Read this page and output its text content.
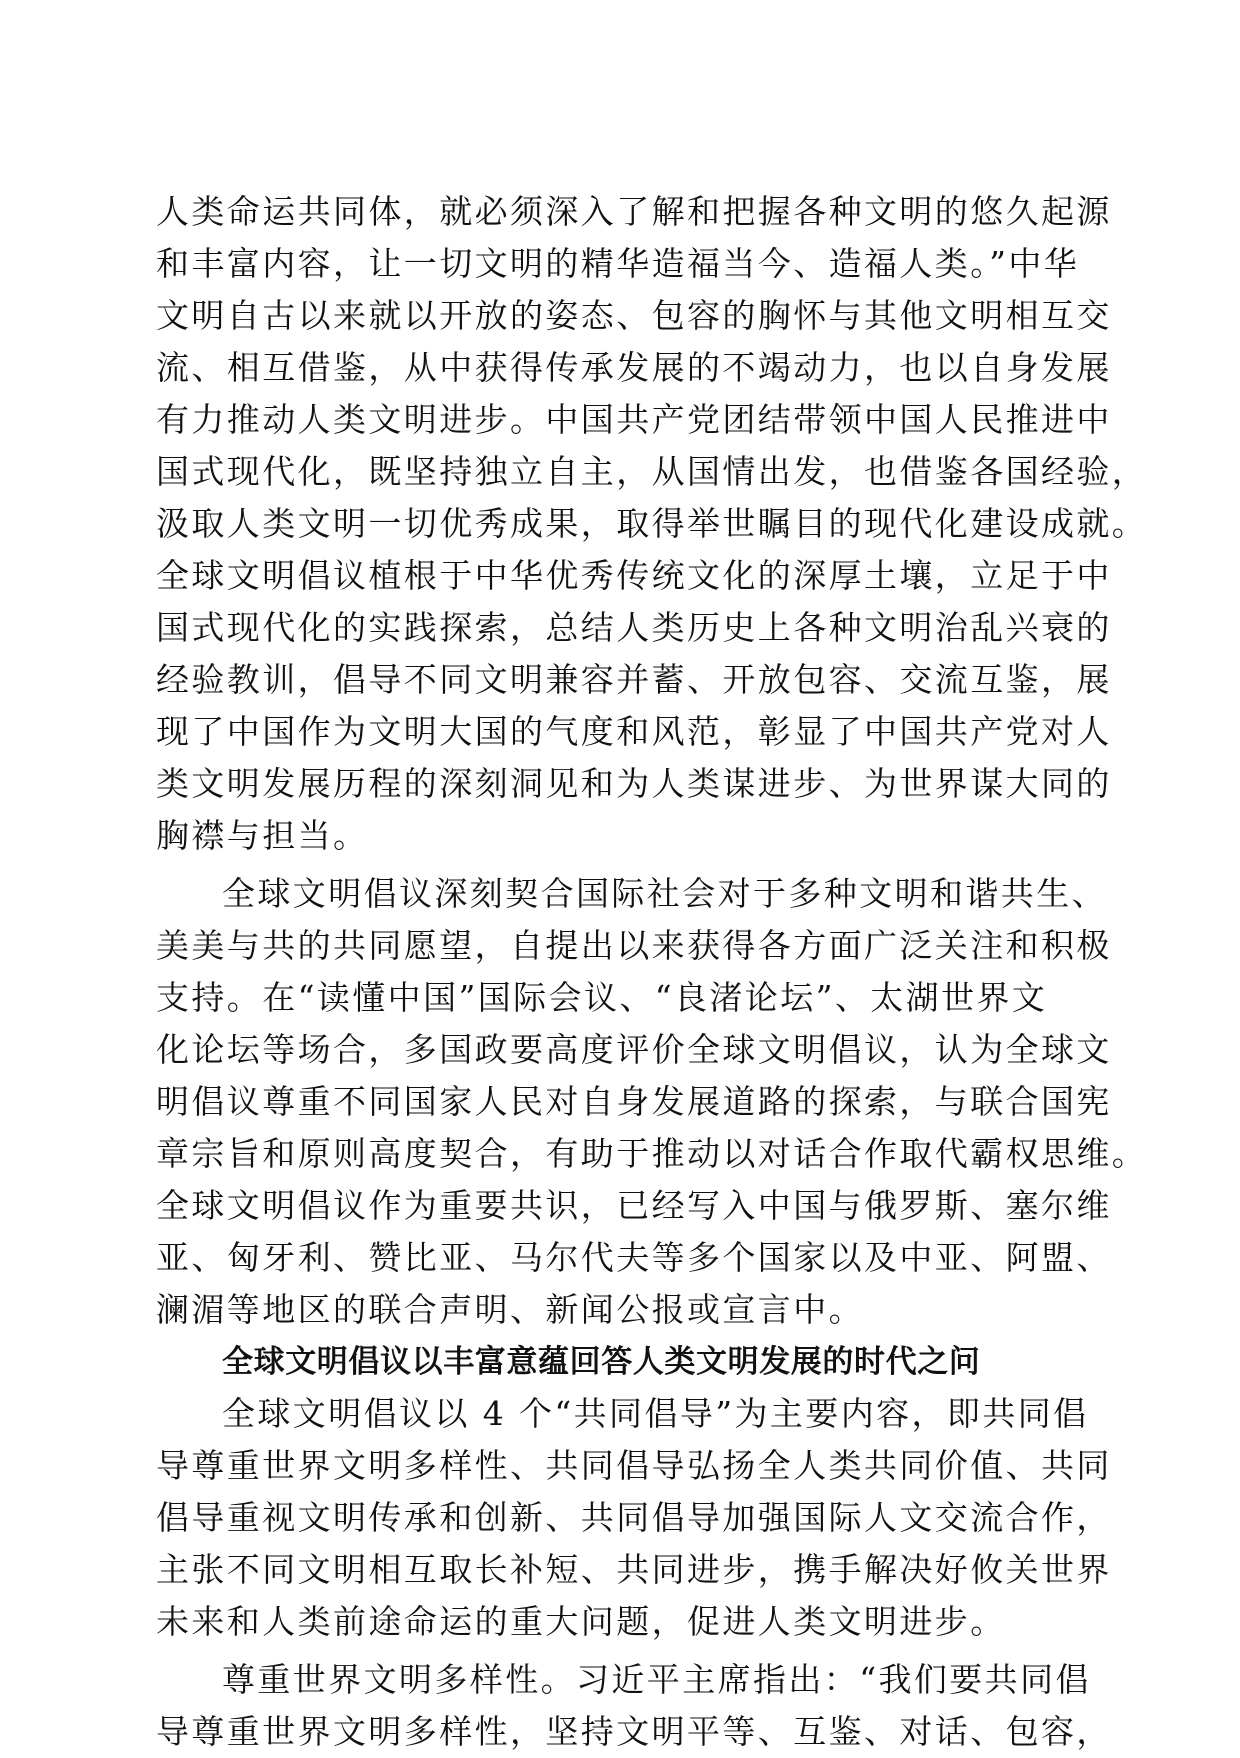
人类命运共同体，就必须深入了解和把握各种文明的悠久起源
和丰富内容，让一切文明的精华造福当今、造福人类。”中华
文明自古以来就以开放的姿态、包容的胸怀与其他文明相互交
流、相互借鉴，从中获得传承发展的不竭动力，也以自身发展
有力推动人类文明进步。中国共产党团结带领中国人民推进中
国式现代化，既坚持独立自主，从国情出发，也借鉴各国经验，
汲取人类文明一切优秀成果，取得举世瞩目的现代化建设成就。
全球文明倡议植根于中华优秀传统文化的深厚土壤，立足于中
国式现代化的实践探索，总结人类历史上各种文明治乱兴衰的
经验教训，倡导不同文明兼容并蓄、开放包容、交流互鉴，展
现了中国作为文明大国的气度和风范，彰显了中国共产党对人
类文明发展历程的深刻洞见和为人类谋进步、为世界谋大同的
胸襟与担当。
全球文明倡议深刻契合国际社会对于多种文明和谐共生、
美美与共的共同愿望，自提出以来获得各方面广泛关注和积极
支持。在“读懂中国”国际会议、“良渚论坛”、太湖世界文
化论坛等场合，多国政要高度评价全球文明倡议，认为全球文
明倡议尊重不同国家人民对自身发展道路的探索，与联合国宪
章宗旨和原则高度契合，有助于推动以对话合作取代霸权思维。
全球文明倡议作为重要共识，已经写入中国与俄罗斯、塞尔维
亚、匈牙利、赞比亚、马尔代夫等多个国家以及中亚、阿盟、
澜湄等地区的联合声明、新闻公报或宣言中。
全球文明倡议以丰富意蕴回答人类文明发展的时代之问
全球文明倡议以 4 个“共同倡导”为主要内容，即共同倡
导尊重世界文明多样性、共同倡导弘扬全人类共同价值、共同
倡导重视文明传承和创新、共同倡导加强国际人文交流合作，
主张不同文明相互取长补短、共同进步，携手解决好攸关世界
未来和人类前途命运的重大问题，促进人类文明进步。
尊重世界文明多样性。习近平主席指出：“我们要共同倡
导尊重世界文明多样性，坚持文明平等、互鉴、对话、包容，
